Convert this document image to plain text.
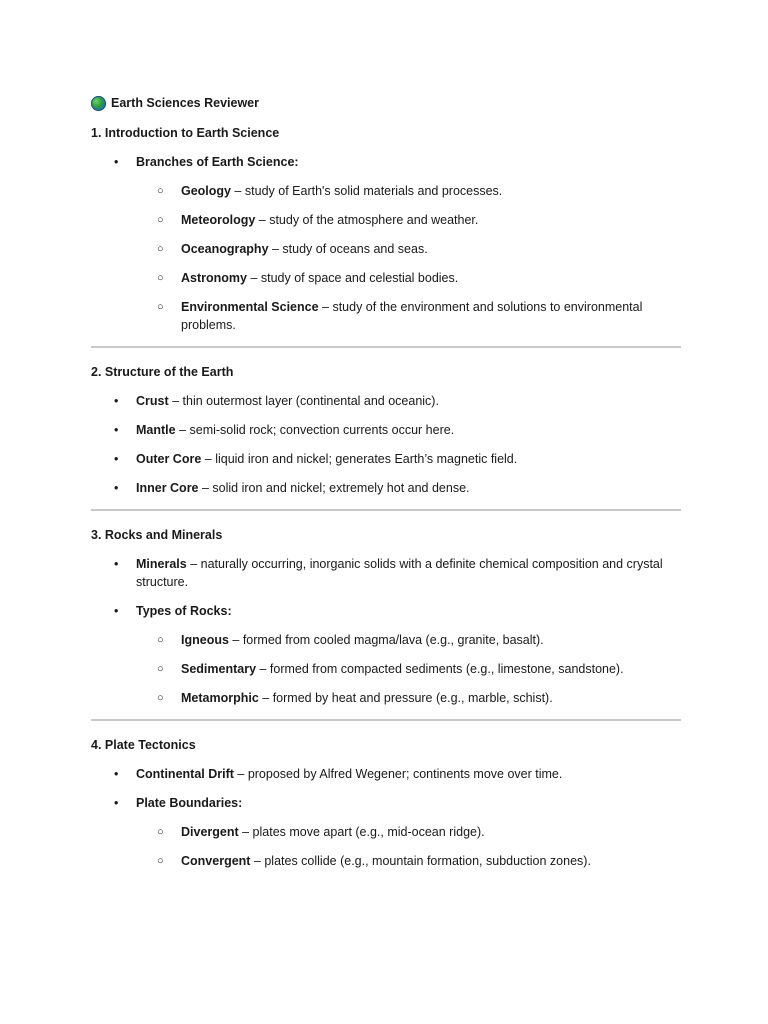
Earth Sciences Reviewer
1. Introduction to Earth Science
• Branches of Earth Science:
○ Geology – study of Earth's solid materials and processes.
○ Meteorology – study of the atmosphere and weather.
○ Oceanography – study of oceans and seas.
○ Astronomy – study of space and celestial bodies.
○ Environmental Science – study of the environment and solutions to environmental problems.
2. Structure of the Earth
• Crust – thin outermost layer (continental and oceanic).
• Mantle – semi-solid rock; convection currents occur here.
• Outer Core – liquid iron and nickel; generates Earth’s magnetic field.
• Inner Core – solid iron and nickel; extremely hot and dense.
3. Rocks and Minerals
• Minerals – naturally occurring, inorganic solids with a definite chemical composition and crystal structure.
• Types of Rocks:
○ Igneous – formed from cooled magma/lava (e.g., granite, basalt).
○ Sedimentary – formed from compacted sediments (e.g., limestone, sandstone).
○ Metamorphic – formed by heat and pressure (e.g., marble, schist).
4. Plate Tectonics
• Continental Drift – proposed by Alfred Wegener; continents move over time.
• Plate Boundaries:
○ Divergent – plates move apart (e.g., mid-ocean ridge).
○ Convergent – plates collide (e.g., mountain formation, subduction zones).
